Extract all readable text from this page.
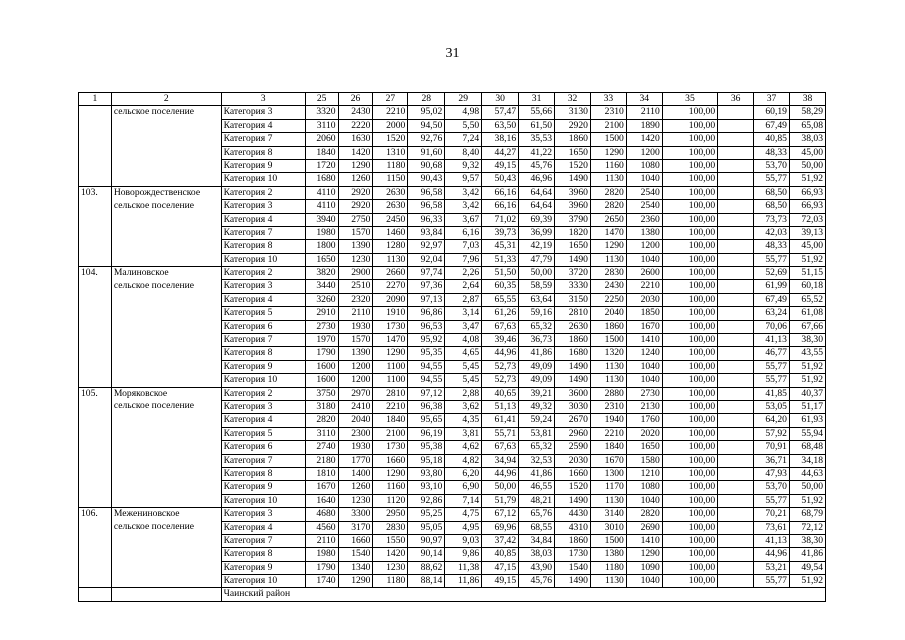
31
1	2	3	25	26	27	28	29	30	31	32	33	34	35	36	37	38
	сельское поселение	Категория 3	3320	2430	2210	95,02	4,98	57,47	55,66	3130	2310	2110	100,00		60,19	58,29
		Категория 4	3110	2220	2000	94,50	5,50	63,50	61,50	2920	2100	1890	100,00		67,49	65,08
		Категория 7	2060	1630	1520	92,76	7,24	38,16	35,53	1860	1500	1420	100,00		40,85	38,03
		Категория 8	1840	1420	1310	91,60	8,40	44,27	41,22	1650	1290	1200	100,00		48,33	45,00
		Категория 9	1720	1290	1180	90,68	9,32	49,15	45,76	1520	1160	1080	100,00		53,70	50,00
		Категория 10	1680	1260	1150	90,43	9,57	50,43	46,96	1490	1130	1040	100,00		55,77	51,92
103.	Новорождественское	Категория 2	4110	2920	2630	96,58	3,42	66,16	64,64	3960	2820	2540	100,00		68,50	66,93
	сельское поселение	Категория 3	4110	2920	2630	96,58	3,42	66,16	64,64	3960	2820	2540	100,00		68,50	66,93
		Категория 4	3940	2750	2450	96,33	3,67	71,02	69,39	3790	2650	2360	100,00		73,73	72,03
		Категория 7	1980	1570	1460	93,84	6,16	39,73	36,99	1820	1470	1380	100,00		42,03	39,13
		Категория 8	1800	1390	1280	92,97	7,03	45,31	42,19	1650	1290	1200	100,00		48,33	45,00
		Категория 10	1650	1230	1130	92,04	7,96	51,33	47,79	1490	1130	1040	100,00		55,77	51,92
104.	Малиновское	Категория 2	3820	2900	2660	97,74	2,26	51,50	50,00	3720	2830	2600	100,00		52,69	51,15
	сельское поселение	Категория 3	3440	2510	2270	97,36	2,64	60,35	58,59	3330	2430	2210	100,00		61,99	60,18
		Категория 4	3260	2320	2090	97,13	2,87	65,55	63,64	3150	2250	2030	100,00		67,49	65,52
		Категория 5	2910	2110	1910	96,86	3,14	61,26	59,16	2810	2040	1850	100,00		63,24	61,08
		Категория 6	2730	1930	1730	96,53	3,47	67,63	65,32	2630	1860	1670	100,00		70,06	67,66
		Категория 7	1970	1570	1470	95,92	4,08	39,46	36,73	1860	1500	1410	100,00		41,13	38,30
		Категория 8	1790	1390	1290	95,35	4,65	44,96	41,86	1680	1320	1240	100,00		46,77	43,55
		Категория 9	1600	1200	1100	94,55	5,45	52,73	49,09	1490	1130	1040	100,00		55,77	51,92
		Категория 10	1600	1200	1100	94,55	5,45	52,73	49,09	1490	1130	1040	100,00		55,77	51,92
105.	Моряковское	Категория 2	3750	2970	2810	97,12	2,88	40,65	39,21	3600	2880	2730	100,00		41,85	40,37
	сельское поселение	Категория 3	3180	2410	2210	96,38	3,62	51,13	49,32	3030	2310	2130	100,00		53,05	51,17
		Категория 4	2820	2040	1840	95,65	4,35	61,41	59,24	2670	1940	1760	100,00		64,20	61,93
		Категория 5	3110	2300	2100	96,19	3,81	55,71	53,81	2960	2210	2020	100,00		57,92	55,94
		Категория 6	2740	1930	1730	95,38	4,62	67,63	65,32	2590	1840	1650	100,00		70,91	68,48
		Категория 7	2180	1770	1660	95,18	4,82	34,94	32,53	2030	1670	1580	100,00		36,71	34,18
		Категория 8	1810	1400	1290	93,80	6,20	44,96	41,86	1660	1300	1210	100,00		47,93	44,63
		Категория 9	1670	1260	1160	93,10	6,90	50,00	46,55	1520	1170	1080	100,00		53,70	50,00
		Категория 10	1640	1230	1120	92,86	7,14	51,79	48,21	1490	1130	1040	100,00		55,77	51,92
106.	Межениновское	Категория 3	4680	3300	2950	95,25	4,75	67,12	65,76	4430	3140	2820	100,00		70,21	68,79
	сельское поселение	Категория 4	4560	3170	2830	95,05	4,95	69,96	68,55	4310	3010	2690	100,00		73,61	72,12
		Категория 7	2110	1660	1550	90,97	9,03	37,42	34,84	1860	1500	1410	100,00		41,13	38,30
		Категория 8	1980	1540	1420	90,14	9,86	40,85	38,03	1730	1380	1290	100,00		44,96	41,86
		Категория 9	1790	1340	1230	88,62	11,38	47,15	43,90	1540	1180	1090	100,00		53,21	49,54
		Категория 10	1740	1290	1180	88,14	11,86	49,15	45,76	1490	1130	1040	100,00		55,77	51,92
		Чаинский район														
